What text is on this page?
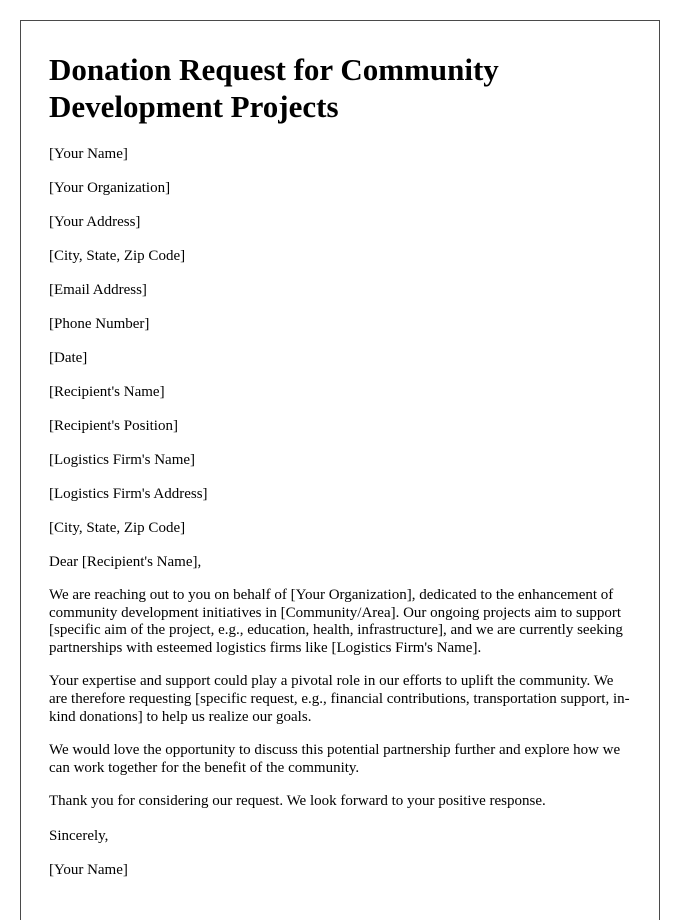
Donation Request for Community Development Projects
[Your Name]
[Your Organization]
[Your Address]
[City, State, Zip Code]
[Email Address]
[Phone Number]
[Date]
[Recipient's Name]
[Recipient's Position]
[Logistics Firm's Name]
[Logistics Firm's Address]
[City, State, Zip Code]
Dear [Recipient's Name],

We are reaching out to you on behalf of [Your Organization], dedicated to the enhancement of community development initiatives in [Community/Area]. Our ongoing projects aim to support [specific aim of the project, e.g., education, health, infrastructure], and we are currently seeking partnerships with esteemed logistics firms like [Logistics Firm's Name].

Your expertise and support could play a pivotal role in our efforts to uplift the community. We are therefore requesting [specific request, e.g., financial contributions, transportation support, in-kind donations] to help us realize our goals.

We would love the opportunity to discuss this potential partnership further and explore how we can work together for the benefit of the community.

Thank you for considering our request. We look forward to your positive response.

Sincerely,
[Your Name]
